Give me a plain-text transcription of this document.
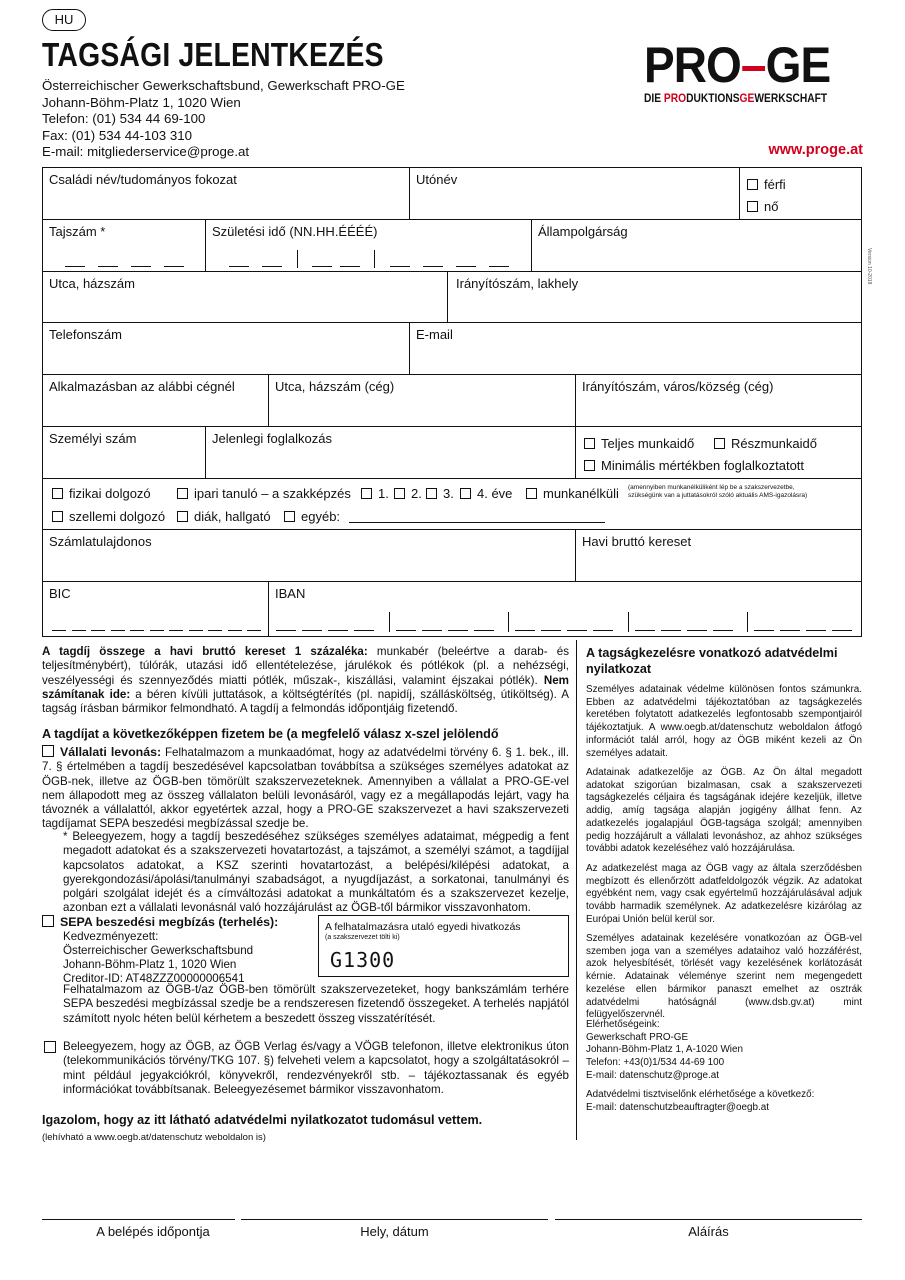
HU
TAGSÁGI JELENTKEZÉS
Österreichischer Gewerkschaftsbund, Gewerkschaft PRO-GE
Johann-Böhm-Platz 1, 1020 Wien
Telefon: (01) 534 44 69-100
Fax: (01) 534 44-103 310
E-mail: mitgliederservice@proge.at
PRO–GE
DIE PRODUKTIONSGEWERKSCHAFT
www.proge.at
Version 10-2018
Családi név/tudományos fokozat	Utónév	férfi
nő
Tajszám *	Születési idő (NN.HH.ÉÉÉÉ)	Állampolgárság
Utca, házszám	Irányítószám, lakhely
Telefonszám	E-mail
Alkalmazásban az alábbi cégnél	Utca, házszám (cég)	Irányítószám, város/község (cég)
Személyi szám	Jelenlegi foglalkozás	Teljes munkaidő	Részmunkaidő
Minimális mértékben foglalkoztatott
fizikai dolgozó	ipari tanuló – a szakképzés	1.	2.	3.	4. éve	munkanélküli (amennyiben munkanélküliként lép be a szakszervezetbe,
szükségünk van a juttatásokról szóló aktuális AMS-igazolásra)
szellemi dolgozó	diák, hallgató	egyéb:
Számlatulajdonos	Havi bruttó kereset
BIC	IBAN
A tagdíj összege a havi bruttó kereset 1 százaléka: munkabér (beleértve a darab- és teljesítménybért), túlórák, utazási idő ellentételezése, járulékok és pótlékok (pl. a nehézségi, veszélyességi és szennyeződés miatti pótlék, műszak-, kiszállási, valamint éjszakai pótlék). Nem számítanak ide: a béren kívüli juttatások, a költségtérítés (pl. napidíj, szállásköltség, útiköltség). A tagság írásban bármikor felmondható. A tagdíj a felmondás időpontjáig fizetendő.
A tagdíjat a következőképpen fizetem be (a megfelelő válasz x-szel jelölendő
Vállalati levonás: Felhatalmazom a munkaadómat, hogy az adatvédelmi törvény 6. § 1. bek., ill. 7. § értelmében a tagdíj beszedésével kapcsolatban továbbítsa a szükséges személyes adatokat az ÖGB-nek, illetve az ÖGB-ben tömörült szakszervezeteknek. Amennyiben a vállalat a PRO-GE-vel nem állapodott meg az összeg vállalaton belüli levonásáról, vagy ez a megállapodás lejárt, vagy ha távoznék a vállalattól, akkor egyetértek azzal, hogy a PRO-GE szakszervezet a havi szakszervezeti tagdíjamat SEPA beszedési megbízással szedje be.
* Beleegyezem, hogy a tagdíj beszedéséhez szükséges személyes adataimat, mégpedig a fent megadott adatokat és a szakszervezeti hovatartozást, a tajszámot, a személyi számot, a tagdíjjal kapcsolatos adatokat, a KSZ szerinti hovatartozást, a belépési/kilépési adatokat, a gyerekgondozási/ápolási/tanulmányi szabadságot, a nyugdíjazást, a sorkatonai, tanulmányi és polgári szolgálat idejét és a címváltozási adatokat a munkáltatóm és a szakszervezet kezelje, azonban ezt a vállalati levonásnál való hozzájárulást az ÖGB-től bármikor visszavonhatom.
SEPA beszedési megbízás (terhelés):
Kedvezményezett:
Österreichischer Gewerkschaftsbund
Johann-Böhm-Platz 1, 1020 Wien
Creditor-ID: AT48ZZZ00000006541
A felhatalmazásra utaló egyedi hivatkozás
(a szakszervezet tölti ki)
G1300
Felhatalmazom az ÖGB-t/az ÖGB-ben tömörült szakszervezeteket, hogy bankszámlám terhére SEPA beszedési megbízással szedje be a rendszeresen fizetendő összegeket. A terhelés napjától számított nyolc héten belül kérhetem a beszedett összeg visszatérítését.
Beleegyezem, hogy az ÖGB, az ÖGB Verlag és/vagy a VÖGB telefonon, illetve elektronikus úton (telekommunikációs törvény/TKG 107. §) felveheti velem a kapcsolatot, hogy a szolgáltatásokról – mint például jegyakciókról, könyvekről, rendezvényekről stb. – tájékoztassanak és egyéb információkat továbbítsanak. Beleegyezésemet bármikor visszavonhatom.
Igazolom, hogy az itt látható adatvédelmi nyilatkozatot tudomásul vettem.
(lehívható a www.oegb.at/datenschutz weboldalon is)
A tagságkezelésre vonatkozó adatvédelmi nyilatkozat
Személyes adatainak védelme különösen fontos számunkra. Ebben az adatvédelmi tájékoztatóban az tagságkezelés keretében folytatott adatkezelés legfontosabb szempontjairól tájékoztatjuk. A www.oegb.at/datenschutz weboldalon átfogó információt talál arról, hogy az ÖGB miként kezeli az Ön személyes adatait.
Adatainak adatkezelője az ÖGB. Az Ön által megadott adatokat szigorúan bizalmasan, csak a szakszervezeti tagságkezelés céljaira és tagságának idejére kezeljük, illetve addig, amíg tagsága alapján jogigény állhat fenn. Az adatkezelés jogalapjául ÖGB-tagsága szolgál; amennyiben pedig hozzájárult a vállalati levonáshoz, az ahhoz szükséges további adatok kezeléséhez való hozzájárulása.
Az adatkezelést maga az ÖGB vagy az általa szerződésben megbízott és ellenőrzött adatfeldolgozók végzik. Az adatokat egyébként nem, vagy csak egyértelmű hozzájárulásával adjuk tovább harmadik személynek. Az adatkezelésre kizárólag az Európai Unión belül kerül sor.
Személyes adatainak kezelésére vonatkozóan az ÖGB-vel szemben joga van a személyes adataihoz való hozzáférést, azok helyesbítését, törlését vagy kezelésének korlátozását kérnie. Adatainak véleménye szerint nem megengedett kezelése ellen bármikor panaszt emelhet az osztrák adatvédelmi hatóságnál (www.dsb.gv.at) mint felügyelőszervnél.
Elérhetőségeink:
Gewerkschaft PRO-GE
Johann-Böhm-Platz 1, A-1020 Wien
Telefon: +43(0)1/534 44-69 100
E-mail: datenschutz@proge.at
Adatvédelmi tisztviselőnk elérhetősége a következő:
E-mail: datenschutzbeauftragter@oegb.at
A belépés időpontja	Hely, dátum	Aláírás
